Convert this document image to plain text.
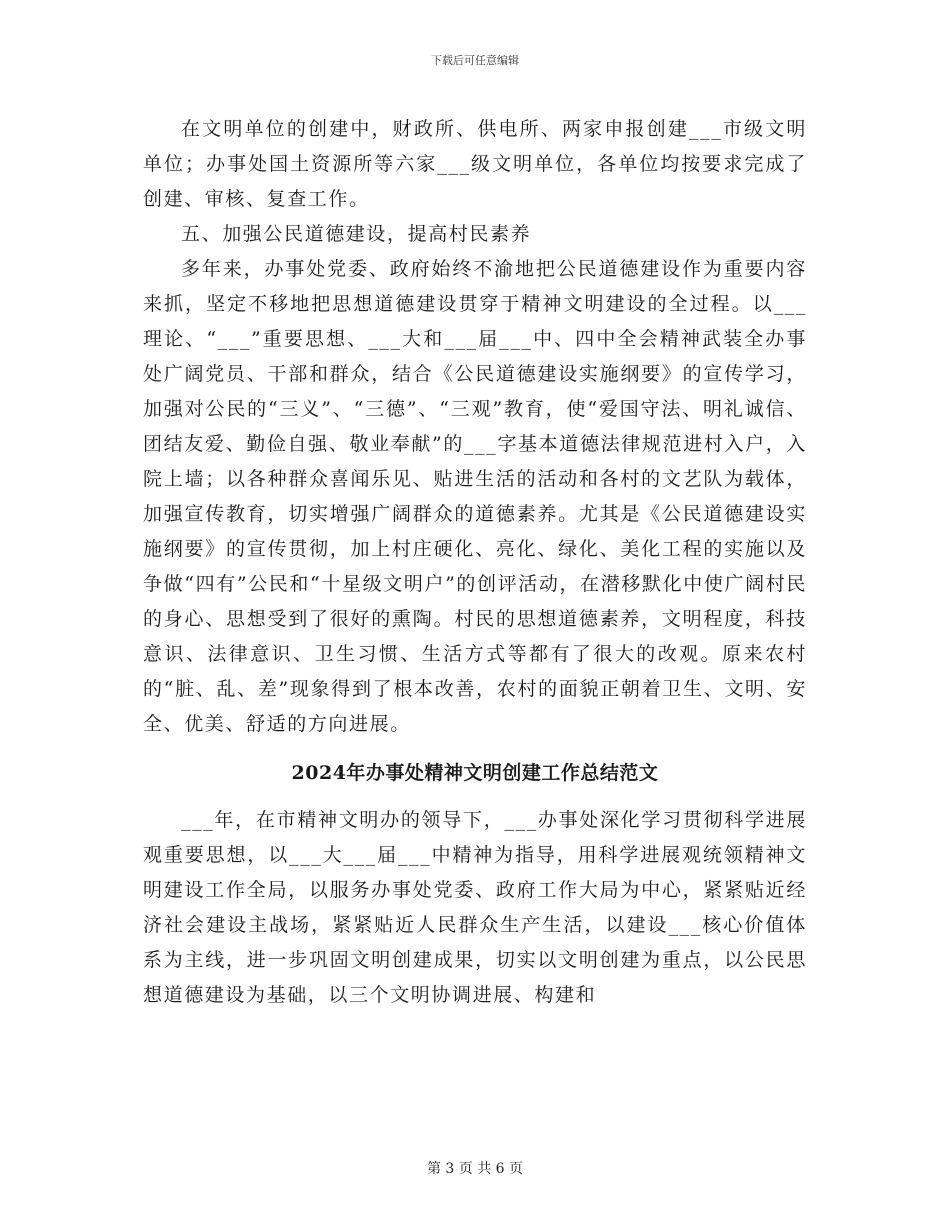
下载后可任意编辑

在文明单位的创建中，财政所、供电所、两家申报创建___市级文明单位；办事处国土资源所等六家___级文明单位，各单位均按要求完成了创建、审核、复查工作。

五、加强公民道德建设，提高村民素养

多年来，办事处党委、政府始终不渝地把公民道德建设作为重要内容来抓，坚定不移地把思想道德建设贯穿于精神文明建设的全过程。以___理论、“___”重要思想、___大和___届___中、四中全会精神武装全办事处广阔党员、干部和群众，结合《公民道德建设实施纲要》的宣传学习，加强对公民的“三义”、“三德”、“三观”教育，使“爱国守法、明礼诚信、团结友爱、勤俭自强、敬业奉献”的___字基本道德法律规范进村入户，入院上墙；以各种群众喜闻乐见、贴进生活的活动和各村的文艺队为载体，加强宣传教育，切实增强广阔群众的道德素养。尤其是《公民道德建设实施纲要》的宣传贯彻，加上村庄硬化、亮化、绿化、美化工程的实施以及争做“四有”公民和“十星级文明户”的创评活动，在潜移默化中使广阔村民的身心、思想受到了很好的熏陶。村民的思想道德素养，文明程度，科技意识、法律意识、卫生习惯、生活方式等都有了很大的改观。原来农村的“脏、乱、差”现象得到了根本改善，农村的面貌正朝着卫生、文明、安全、优美、舒适的方向进展。

2024年办事处精神文明创建工作总结范文

___年，在市精神文明办的领导下，___办事处深化学习贯彻科学进展观重要思想，以___大___届___中精神为指导，用科学进展观统领精神文明建设工作全局，以服务办事处党委、政府工作大局为中心，紧紧贴近经济社会建设主战场，紧紧贴近人民群众生产生活，以建设___核心价值体系为主线，进一步巩固文明创建成果，切实以文明创建为重点，以公民思想道德建设为基础，以三个文明协调进展、构建和

第 3 页 共 6 页
